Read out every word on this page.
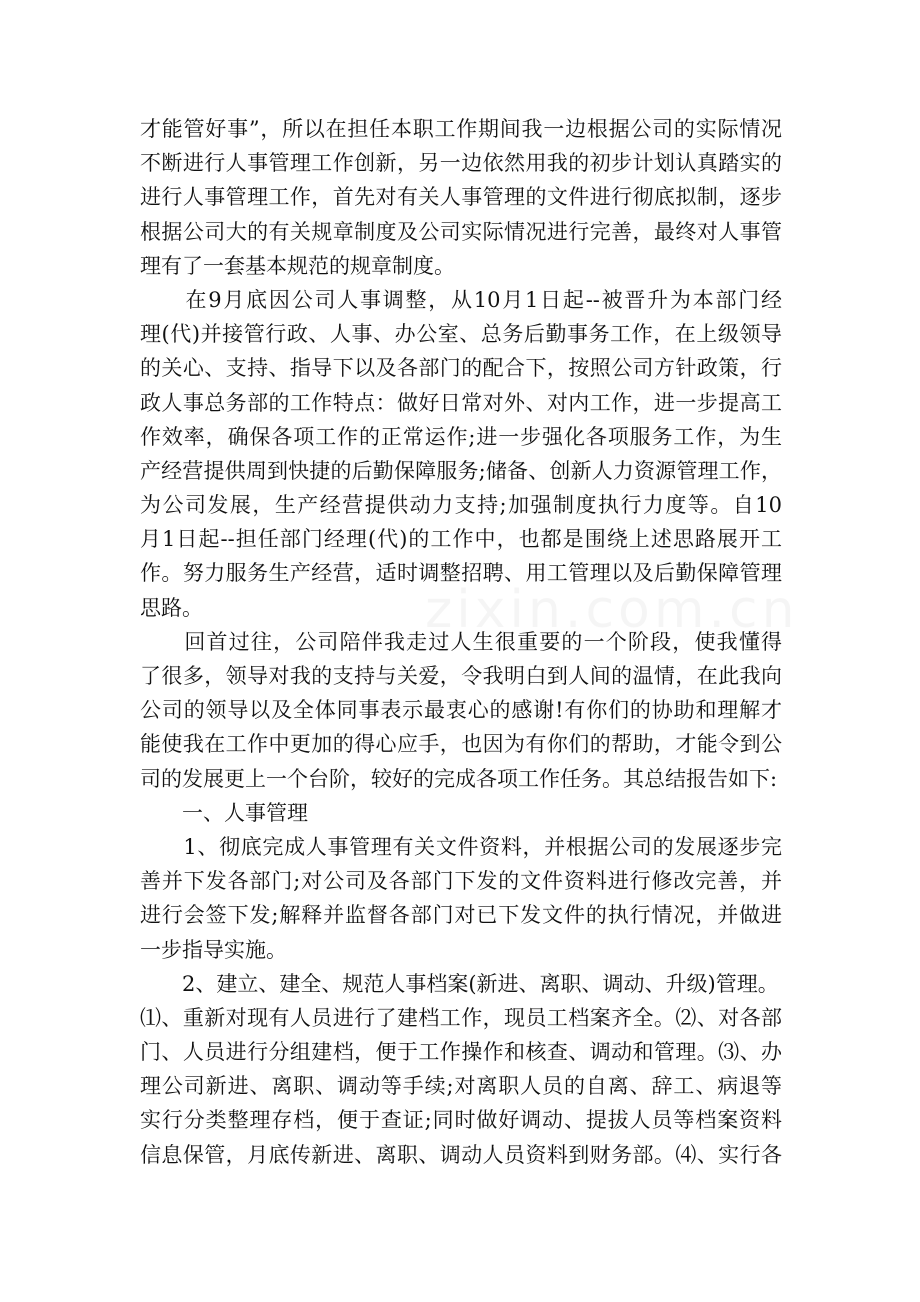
才能管好事”，所以在担任本职工作期间我一边根据公司的实际情况
不断进行人事管理工作创新，另一边依然用我的初步计划认真踏实的
进行人事管理工作，首先对有关人事管理的文件进行彻底拟制，逐步
根据公司大的有关规章制度及公司实际情况进行完善，最终对人事管
理有了一套基本规范的规章制度。
　　在9月底因公司人事调整，从10月1日起--被晋升为本部门经
理(代)并接管行政、人事、办公室、总务后勤事务工作，在上级领导
的关心、支持、指导下以及各部门的配合下，按照公司方针政策，行
政人事总务部的工作特点：做好日常对外、对内工作，进一步提高工
作效率，确保各项工作的正常运作;进一步强化各项服务工作，为生
产经营提供周到快捷的后勤保障服务;储备、创新人力资源管理工作，
为公司发展，生产经营提供动力支持;加强制度执行力度等。自10
月1日起--担任部门经理(代)的工作中，也都是围绕上述思路展开工
作。努力服务生产经营，适时调整招聘、用工管理以及后勤保障管理
思路。
　　回首过往，公司陪伴我走过人生很重要的一个阶段，使我懂得
了很多，领导对我的支持与关爱，令我明白到人间的温情，在此我向
公司的领导以及全体同事表示最衷心的感谢!有你们的协助和理解才
能使我在工作中更加的得心应手，也因为有你们的帮助，才能令到公
司的发展更上一个台阶，较好的完成各项工作任务。其总结报告如下:
　　一、人事管理
　　1、彻底完成人事管理有关文件资料，并根据公司的发展逐步完
善并下发各部门;对公司及各部门下发的文件资料进行修改完善，并
进行会签下发;解释并监督各部门对已下发文件的执行情况，并做进
一步指导实施。
　　2、建立、建全、规范人事档案(新进、离职、调动、升级)管理。
⑴、重新对现有人员进行了建档工作，现员工档案齐全。⑵、对各部
门、人员进行分组建档，便于工作操作和核查、调动和管理。⑶、办
理公司新进、离职、调动等手续;对离职人员的自离、辞工、病退等
实行分类整理存档，便于查证;同时做好调动、提拔人员等档案资料
信息保管，月底传新进、离职、调动人员资料到财务部。⑷、实行各
